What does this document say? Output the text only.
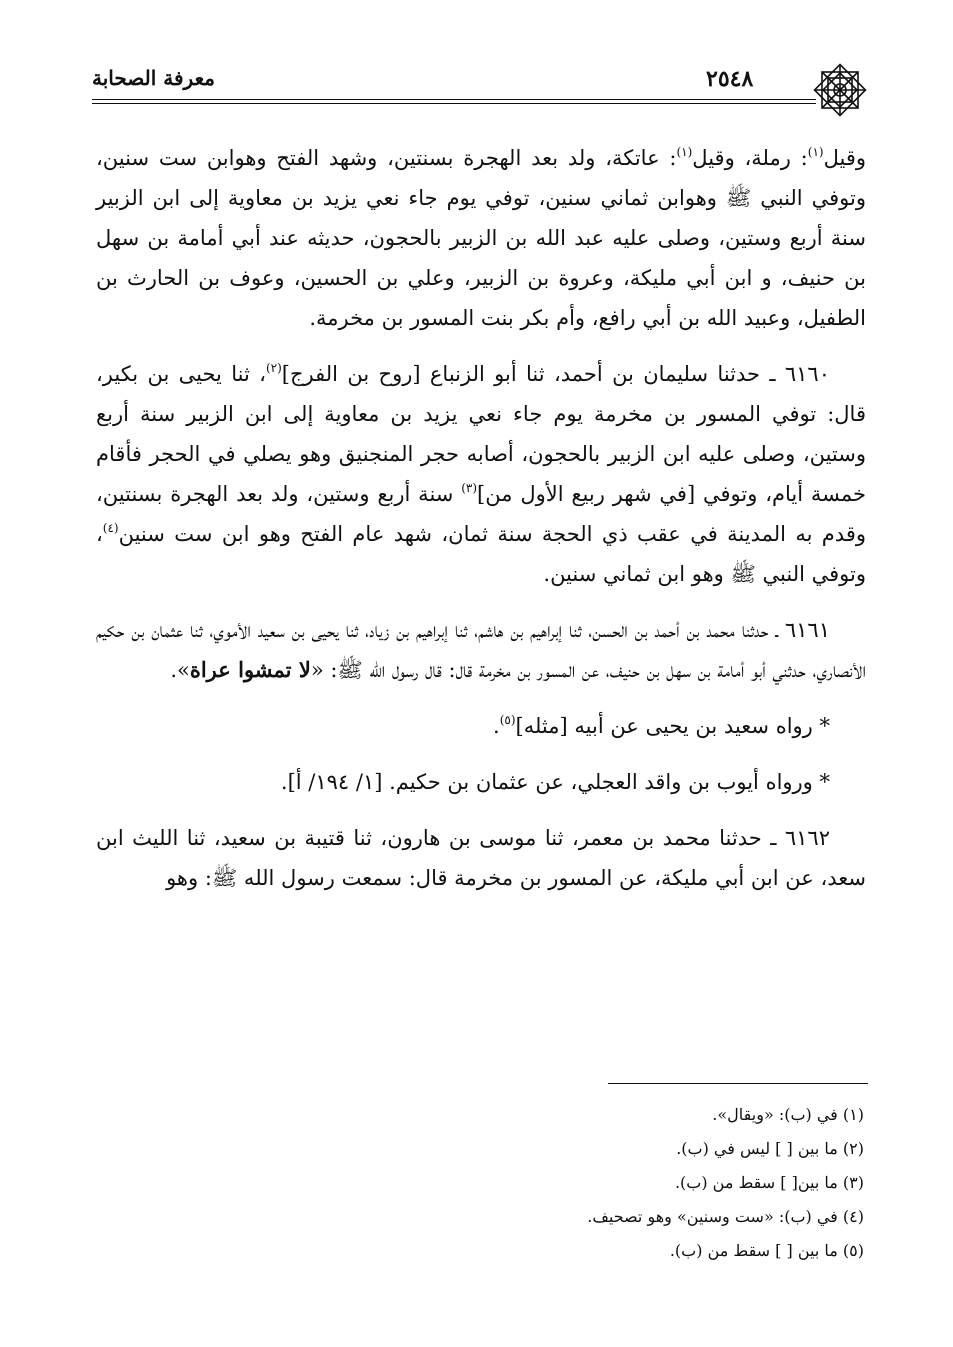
٢٥٤٨
معرفة الصحابة

وقيل$^{(١)}$: رملة، وقيل$^{(١)}$: عاتكة، ولد بعد الهجرة بسنتين، وشهد الفتح وهوابن ست سنين، وتوفي النبي ﷺ وهوابن ثماني سنين، توفي يوم جاء نعي يزيد بن معاوية إلى ابن الزبير سنة أربع وستين، وصلى عليه عبد الله بن الزبير بالحجون، حديثه عند أبي أمامة بن سهل بن حنيف، و ابن أبي مليكة، وعروة بن الزبير، وعلي بن الحسين، وعوف بن الحارث بن الطفيل، وعبيد الله بن أبي رافع، وأم بكر بنت المسور بن مخرمة.

٦١٦٠ ـ حدثنا سليمان بن أحمد، ثنا أبو الزنباع [روح بن الفرج]$^{(٢)}$، ثنا يحيى بن بكير، قال: توفي المسور بن مخرمة يوم جاء نعي يزيد بن معاوية إلى ابن الزبير سنة أربع وستين، وصلى عليه ابن الزبير بالحجون، أصابه حجر المنجنيق وهو يصلي في الحجر فأقام خمسة أيام، وتوفي [في شهر ربيع الأول من]$^{(٣)}$ سنة أربع وستين، ولد بعد الهجرة بسنتين، وقدم به المدينة في عقب ذي الحجة سنة ثمان، شهد عام الفتح وهو ابن ست سنين$^{(٤)}$، وتوفي النبي ﷺ وهو ابن ثماني سنين.

٦١٦١ ـ حدثنا محمد بن أحمد بن الحسن، ثنا إبراهيم بن هاشم، ثنا إبراهيم بن زياد، ثنا يحيى بن سعيد الأموي، ثنا عثمان بن حكيم الأنصاري، حدثني أبو أمامة بن سهل بن حنيف، عن المسور بن مخرمة قال: قال رسول الله ﷺ: «لا تمشوا عراة».

* رواه سعيد بن يحيى عن أبيه [مثله]$^{(٥)}$.

* ورواه أيوب بن واقد العجلي، عن عثمان بن حكيم. [١/ ١٩٤/ أ].

٦١٦٢ ـ حدثنا محمد بن معمر، ثنا موسى بن هارون، ثنا قتيبة بن سعيد، ثنا الليث ابن سعد، عن ابن أبي مليكة، عن المسور بن مخرمة قال: سمعت رسول الله ﷺ: وهو

(١) في (ب): «ويقال».
(٢) ما بين [ ] ليس في (ب).
(٣) ما بين[ ] سقط من (ب).
(٤) في (ب): «ست وسنين» وهو تصحيف.
(٥) ما بين [ ] سقط من (ب).
